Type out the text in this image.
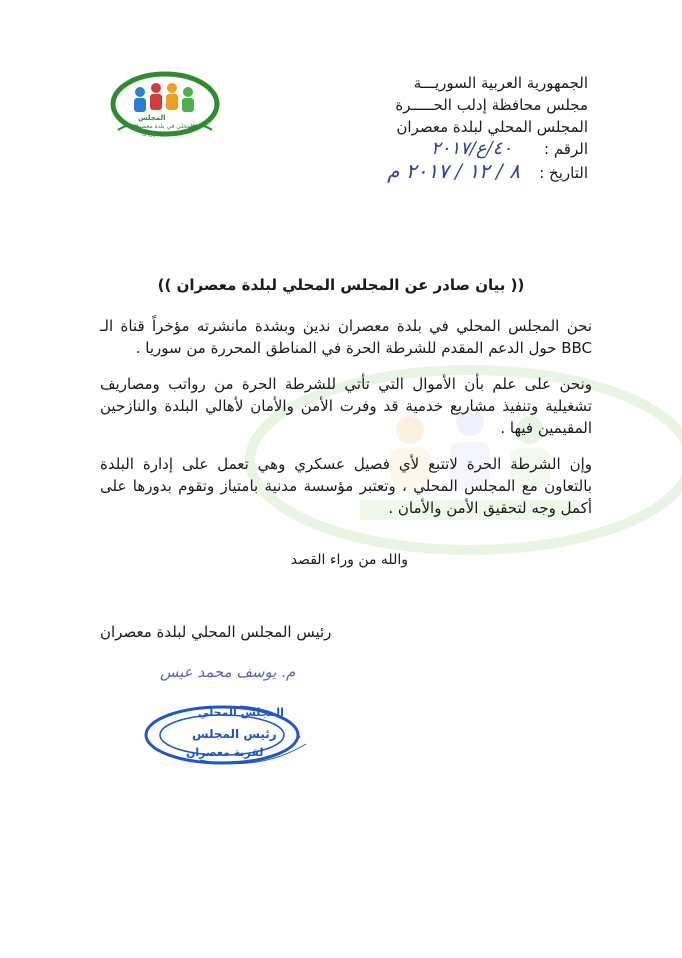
المجلس
المحلي في بلدة معصران
خدمتكم شرف لنا
الجمهورية العربية السوريـــة
مجلس محافظة إدلب الحـــــرة
المجلس المحلي لبلدة معصران
الرقم :
٤٠/ع/٢٠١٧
التاريخ :
٨ / ١٢ / ٢٠١٧ م
(( بيان صادر عن المجلس المحلي لبلدة معصران ))

نحن المجلس المحلي في بلدة معصران ندين وبشدة مانشرته مؤخراً قناة الـ BBC حول الدعم المقدم للشرطة الحرة في المناطق المحررة من سوريا .

ونحن على علم بأن الأموال التي تأتي للشرطة الحرة من رواتب ومصاريف تشغيلية وتنفيذ مشاريع خدمية قد وفرت الأمن والأمان لأهالي البلدة والنازحين المقيمين فيها .

وإن الشرطة الحرة لاتتبع لأي فصيل عسكري وهي تعمل على إدارة البلدة بالتعاون مع المجلس المحلي ، وتعتبر مؤسسة مدنية بامتياز وتقوم بدورها على أكمل وجه لتحقيق الأمن والأمان .

والله من وراء القصد
رئيس المجلس المحلي لبلدة معصران
م. يوسف محمد عيس
المجلس المحلي
رئيس المجلس
لقرية معصران
